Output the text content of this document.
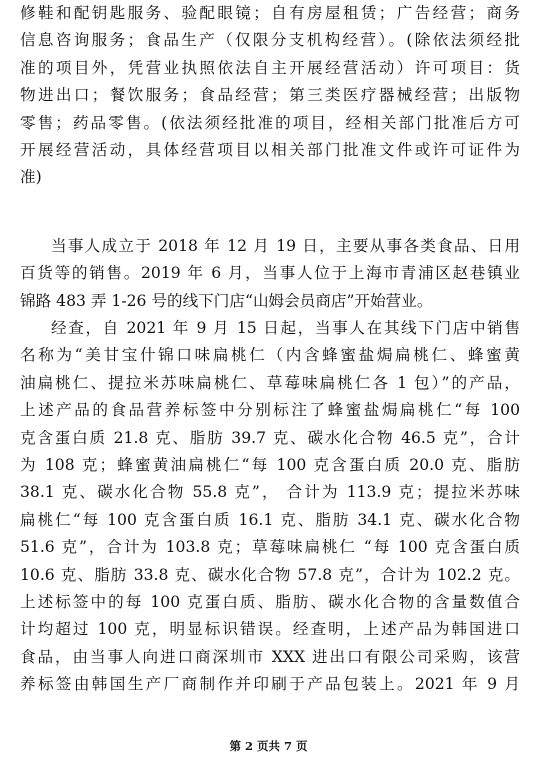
修鞋和配钥匙服务、验配眼镜；自有房屋租赁；广告经营；商务
信息咨询服务；食品生产（仅限分支机构经营）。(除依法须经批
准的项目外，凭营业执照依法自主开展经营活动）许可项目：货
物进出口；餐饮服务；食品经营；第三类医疗器械经营；出版物
零售；药品零售。(依法须经批准的项目，经相关部门批准后方可
开展经营活动，具体经营项目以相关部门批准文件或许可证件为
准)
当事人成立于 2018 年 12 月 19 日，主要从事各类食品、日用
百货等的销售。2019 年 6 月，当事人位于上海市青浦区赵巷镇业
锦路 483 弄 1-26 号的线下门店“山姆会员商店”开始营业。
经查，自 2021 年 9 月 15 日起，当事人在其线下门店中销售
名称为“美甘宝什锦口味扁桃仁（内含蜂蜜盐焗扁桃仁、蜂蜜黄
油扁桃仁、提拉米苏味扁桃仁、草莓味扁桃仁各 1 包）”的产品，
上述产品的食品营养标签中分别标注了蜂蜜盐焗扁桃仁“每 100
克含蛋白质 21.8 克、脂肪 39.7 克、碳水化合物 46.5 克”，合计
为 108 克；蜂蜜黄油扁桃仁“每 100 克含蛋白质 20.0 克、脂肪
38.1 克、碳水化合物 55.8 克”， 合计为 113.9 克；提拉米苏味
扁桃仁“每 100 克含蛋白质 16.1 克、脂肪 34.1 克、碳水化合物
51.6 克”，合计为 103.8 克；草莓味扁桃仁 “每 100 克含蛋白质
10.6 克、脂肪 33.8 克、碳水化合物 57.8 克”，合计为 102.2 克。
上述标签中的每 100 克蛋白质、脂肪、碳水化合物的含量数值合
计均超过 100 克，明显标识错误。经查明，上述产品为韩国进口
食品，由当事人向进口商深圳市 XXX 进出口有限公司采购，该营
养标签由韩国生产厂商制作并印刷于产品包装上。2021 年 9 月
第 2 页共 7 页
